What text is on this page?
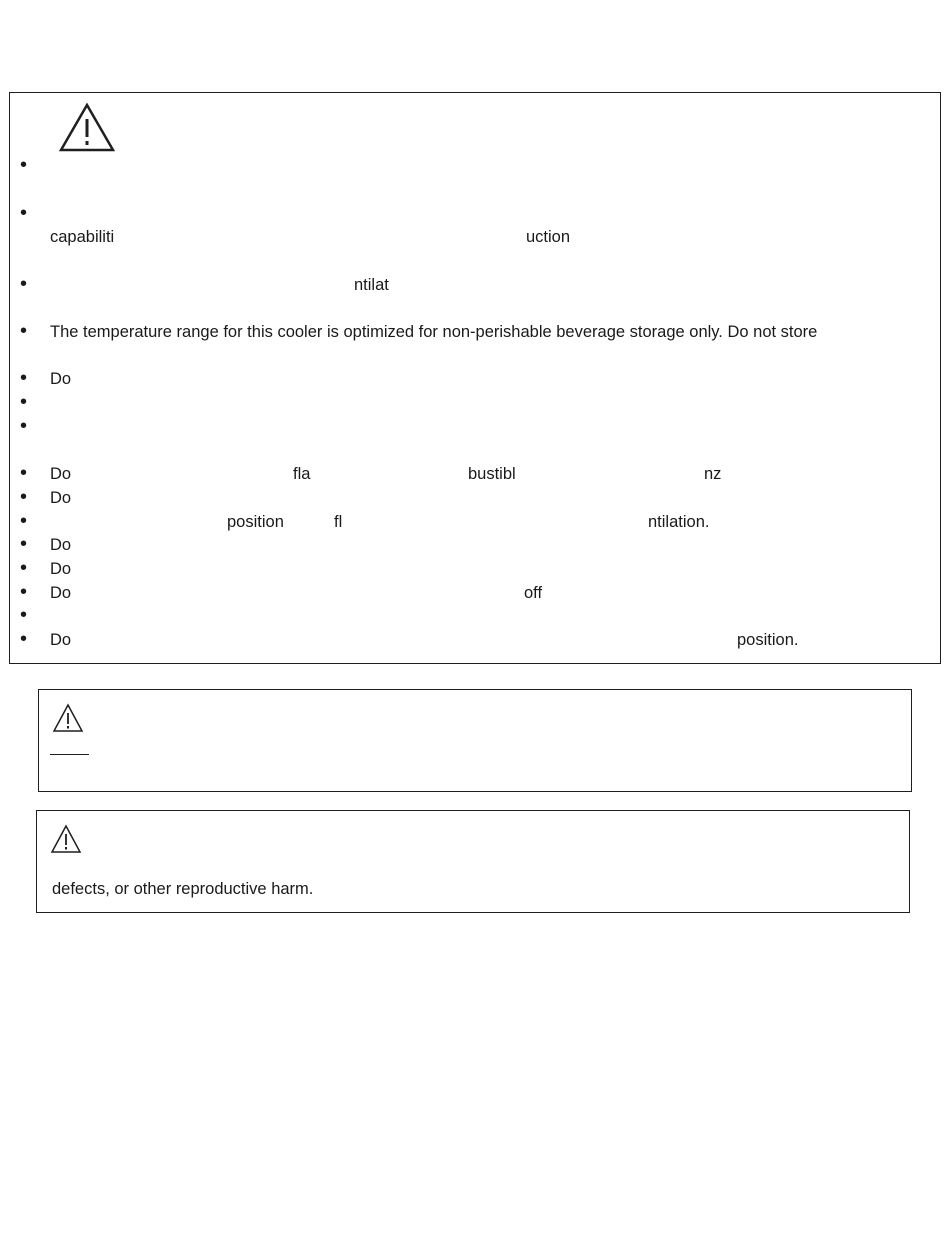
•
•
•
•
•
•
•
•
•
•
•
•
•
•
•
capabiliti	uction
ntilat
The temperature range for this cooler is optimized for non-perishable beverage storage only. Do not store
Do
Do	fla	bustibl	nz
Do
position	fl	ntilation.
Do
Do
Do	off
Do	position.
defects, or other reproductive harm.
